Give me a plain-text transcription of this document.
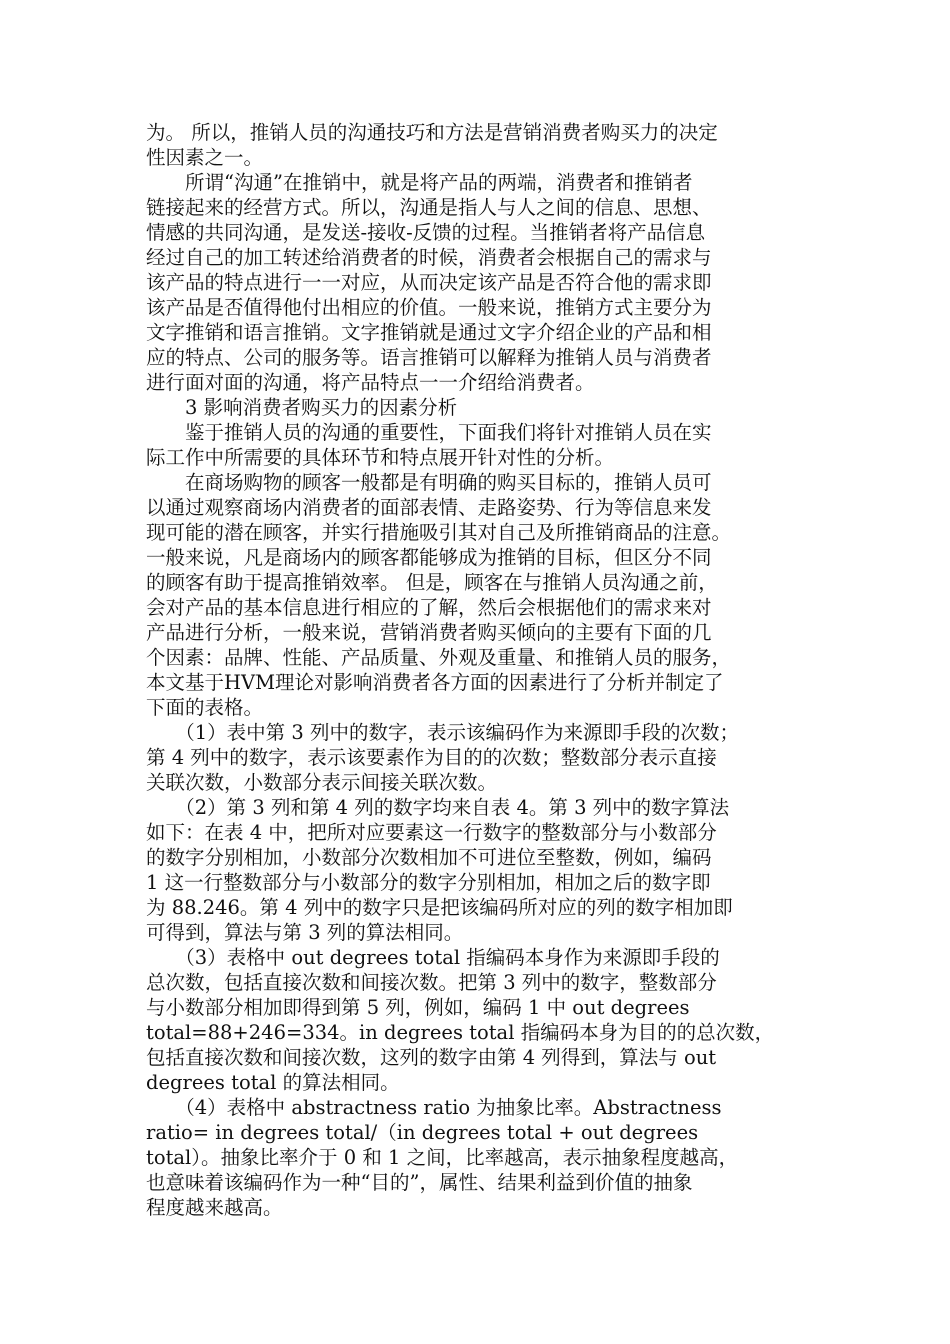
为。 所以，推销人员的沟通技巧和方法是营销消费者购买力的决定
性因素之一。
　　所谓“沟通”在推销中，就是将产品的两端，消费者和推销者
链接起来的经营方式。所以，沟通是指人与人之间的信息、思想、
情感的共同沟通，是发送-接收-反馈的过程。当推销者将产品信息
经过自己的加工转述给消费者的时候，消费者会根据自己的需求与
该产品的特点进行一一对应，从而决定该产品是否符合他的需求即
该产品是否值得他付出相应的价值。一般来说，推销方式主要分为
文字推销和语言推销。文字推销就是通过文字介绍企业的产品和相
应的特点、公司的服务等。语言推销可以解释为推销人员与消费者
进行面对面的沟通，将产品特点一一介绍给消费者。
　　3 影响消费者购买力的因素分析
　　鉴于推销人员的沟通的重要性，下面我们将针对推销人员在实
际工作中所需要的具体环节和特点展开针对性的分析。
　　在商场购物的顾客一般都是有明确的购买目标的，推销人员可
以通过观察商场内消费者的面部表情、走路姿势、行为等信息来发
现可能的潜在顾客，并实行措施吸引其对自己及所推销商品的注意。
一般来说，凡是商场内的顾客都能够成为推销的目标，但区分不同
的顾客有助于提高推销效率。 但是，顾客在与推销人员沟通之前，
会对产品的基本信息进行相应的了解，然后会根据他们的需求来对
产品进行分析，一般来说，营销消费者购买倾向的主要有下面的几
个因素：品牌、性能、产品质量、外观及重量、和推销人员的服务，
本文基于HVM理论对影响消费者各方面的因素进行了分析并制定了
下面的表格。
　　（1）表中第 3 列中的数字，表示该编码作为来源即手段的次数；
第 4 列中的数字，表示该要素作为目的的次数；整数部分表示直接
关联次数，小数部分表示间接关联次数。
　　（2）第 3 列和第 4 列的数字均来自表 4。第 3 列中的数字算法
如下：在表 4 中，把所对应要素这一行数字的整数部分与小数部分
的数字分别相加，小数部分次数相加不可进位至整数，例如，编码
1 这一行整数部分与小数部分的数字分别相加，相加之后的数字即
为 88.246。第 4 列中的数字只是把该编码所对应的列的数字相加即
可得到，算法与第 3 列的算法相同。
　　（3）表格中 out degrees total 指编码本身作为来源即手段的
总次数，包括直接次数和间接次数。把第 3 列中的数字，整数部分
与小数部分相加即得到第 5 列，例如，编码 1 中 out degrees
total=88+246=334。in degrees total 指编码本身为目的的总次数，
包括直接次数和间接次数，这列的数字由第 4 列得到，算法与 out
degrees total 的算法相同。
　　（4）表格中 abstractness ratio 为抽象比率。Abstractness
ratio= in degrees total/（in degrees total + out degrees
total）。抽象比率介于 0 和 1 之间，比率越高，表示抽象程度越高，
也意味着该编码作为一种“目的”，属性、结果利益到价值的抽象
程度越来越高。
